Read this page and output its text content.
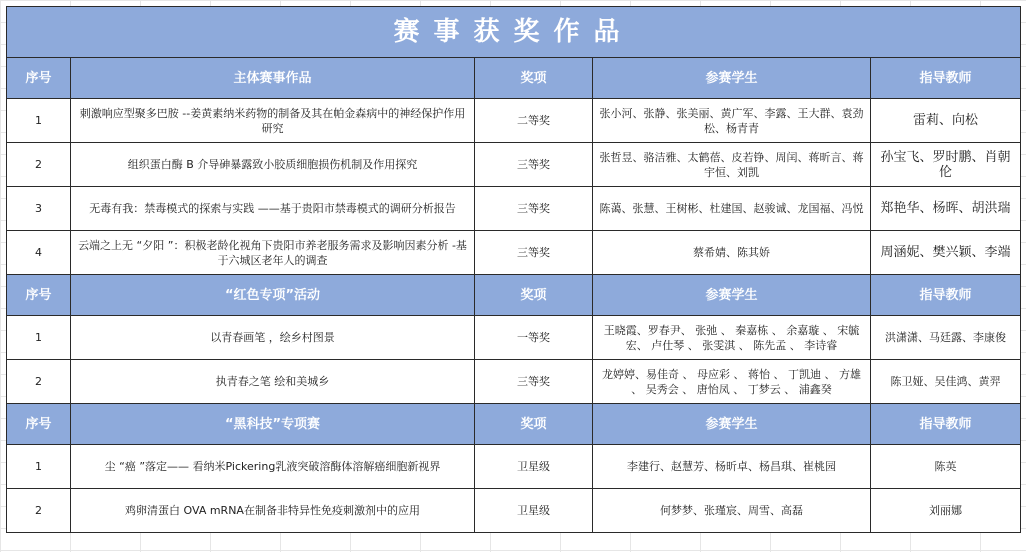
赛事获奖作品				
序号	主体赛事作品	奖项	参赛学生	指导教师
1	刺激响应型聚多巴胺 --姜黄素纳米药物的制备及其在帕金森病中的神经保护作用研究	二等奖	张小河、张静、张美丽、黄广军、李露、王大群、袁劲松、杨青青	雷莉、向松
2	组织蛋白酶 B 介导砷暴露致小胶质细胞损伤机制及作用探究	三等奖	张哲昱、骆洁雅、太鹤蓓、皮若铮、周闰、蒋昕言、蒋宇恒、刘凯	孙宝飞、罗时鹏、肖朝伦
3	无毒有我：禁毒模式的探索与实践 ——基于贵阳市禁毒模式的调研分析报告	三等奖	陈蔼、张慧、王树彬、杜建国、赵骏诚、龙国福、冯悦	郑艳华、杨晖、胡洪瑞
4	云端之上无 “夕阳 ”：积极老龄化视角下贵阳市养老服务需求及影响因素分析 -基于六城区老年人的调查	三等奖	蔡希婧、陈其娇	周涵妮、樊兴颖、李端
序号	“红色专项”活动	奖项	参赛学生	指导教师
1	以青春画笔 ，绘乡村图景	一等奖	王晓霞、罗春尹、 张弛 、 秦嘉栋 、 余嘉璇 、 宋毓宏、 卢仕琴 、 张雯淇 、 陈先孟 、 李诗睿	洪潇潇、马廷露、李康俊
2	执青春之笔 绘和美城乡	三等奖	龙婷婷、易佳奇 、 母应彩 、 蒋怡 、 丁凯迪 、 方雄 、 吴秀会 、 唐怡凤 、 丁梦云 、 浦鑫癸	陈卫娅、吴佳鸿、黄羿
序号	“黑科技”专项赛	奖项	参赛学生	指导教师
1	尘 “癌 ”落定—— 看纳米Pickering乳液突破溶酶体溶解癌细胞新视界	卫星级	李建行、赵慧芳、杨昕卓、杨昌琪、崔桃园	陈英
2	鸡卵清蛋白 OVA mRNA在制备非特异性免疫刺激剂中的应用	卫星级	何梦梦、张瑾宸、周雪、高磊	刘丽娜
